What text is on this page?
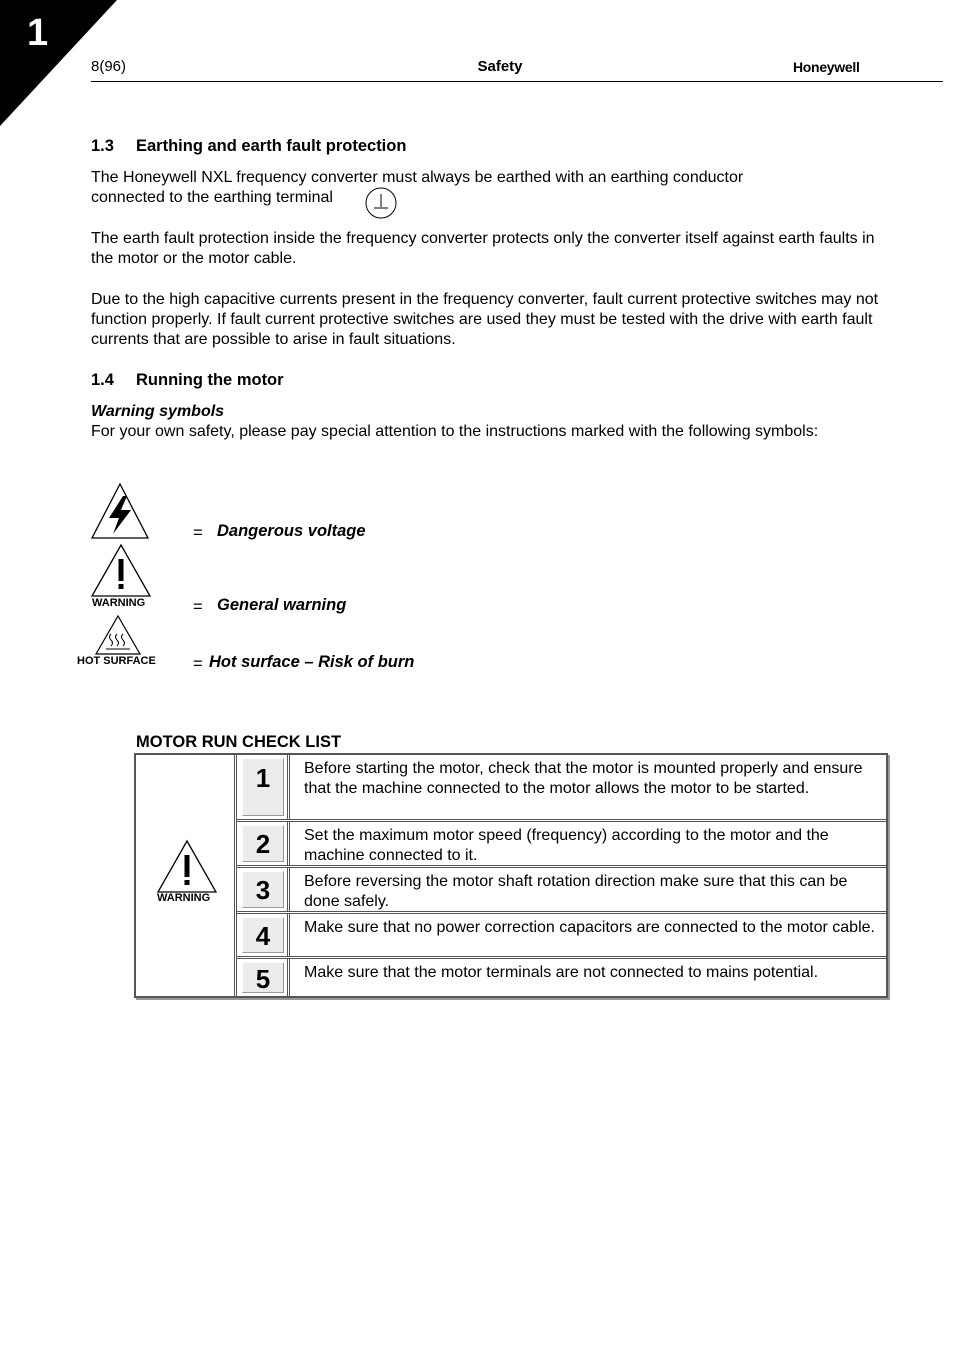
1
8(96)	Safety	Honeywell
1.3 Earthing and earth fault protection
The Honeywell NXL frequency converter must always be earthed with an earthing conductor connected to the earthing terminal
The earth fault protection inside the frequency converter protects only the converter itself against earth faults in the motor or the motor cable.
Due to the high capacitive currents present in the frequency converter, fault current protective switches may not function properly. If fault current protective switches are used they must be tested with the drive with earth fault currents that are possible to arise in fault situations.
1.4 Running the motor
Warning symbols
For your own safety, please pay special attention to the instructions marked with the following symbols:
= Dangerous voltage
WARNING	= General warning
HOT SURFACE = Hot surface – Risk of burn
MOTOR RUN CHECK LIST
WARNING
1	Before starting the motor, check that the motor is mounted properly and ensure that the machine connected to the motor allows the motor to be started.
2	Set the maximum motor speed (frequency) according to the motor and the machine connected to it.
3	Before reversing the motor shaft rotation direction make sure that this can be done safely.
4	Make sure that no power correction capacitors are connected to the motor cable.
5	Make sure that the motor terminals are not connected to mains potential.
